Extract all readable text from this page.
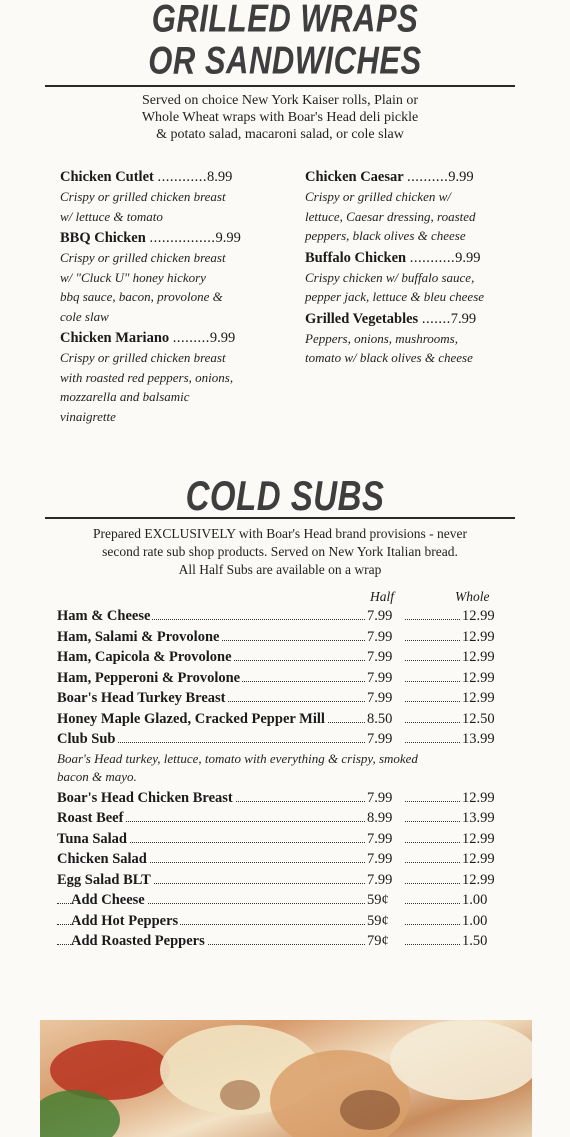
GRILLED WRAPS
OR SANDWICHES
Served on choice New York Kaiser rolls, Plain or
Whole Wheat wraps with Boar's Head deli pickle
& potato salad, macaroni salad, or cole slaw
Chicken Cutlet ............8.99
Crispy or grilled chicken breast
w/ lettuce & tomato
BBQ Chicken ................9.99
Crispy or grilled chicken breast
w/ "Cluck U" honey hickory
bbq sauce, bacon, provolone &
cole slaw
Chicken Mariano .........9.99
Crispy or grilled chicken breast
with roasted red peppers, onions,
mozzarella and balsamic
vinaigrette
Chicken Caesar ..........9.99
Crispy or grilled chicken w/
lettuce, Caesar dressing, roasted
peppers, black olives & cheese
Buffalo Chicken ...........9.99
Crispy chicken w/ buffalo sauce,
pepper jack, lettuce & bleu cheese
Grilled Vegetables .......7.99
Peppers, onions, mushrooms,
tomato w/ black olives & cheese
COLD SUBS
Prepared EXCLUSIVELY with Boar's Head brand provisions - never
second rate sub shop products. Served on New York Italian bread.
All Half Subs are available on a wrap
Half	Whole
Ham & Cheese	7.99	12.99
Ham, Salami & Provolone	7.99	12.99
Ham, Capicola & Provolone	7.99	12.99
Ham, Pepperoni & Provolone	7.99	12.99
Boar's Head Turkey Breast	7.99	12.99
Honey Maple Glazed, Cracked Pepper Mill	8.50	12.50
Club Sub	7.99	13.99
Boar's Head turkey, lettuce, tomato with everything & crispy, smoked
bacon & mayo.
Boar's Head Chicken Breast	7.99	12.99
Roast Beef	8.99	13.99
Tuna Salad	7.99	12.99
Chicken Salad	7.99	12.99
Egg Salad BLT	7.99	12.99
Add Cheese	59¢	1.00
Add Hot Peppers	59¢	1.00
Add Roasted Peppers	79¢	1.50
